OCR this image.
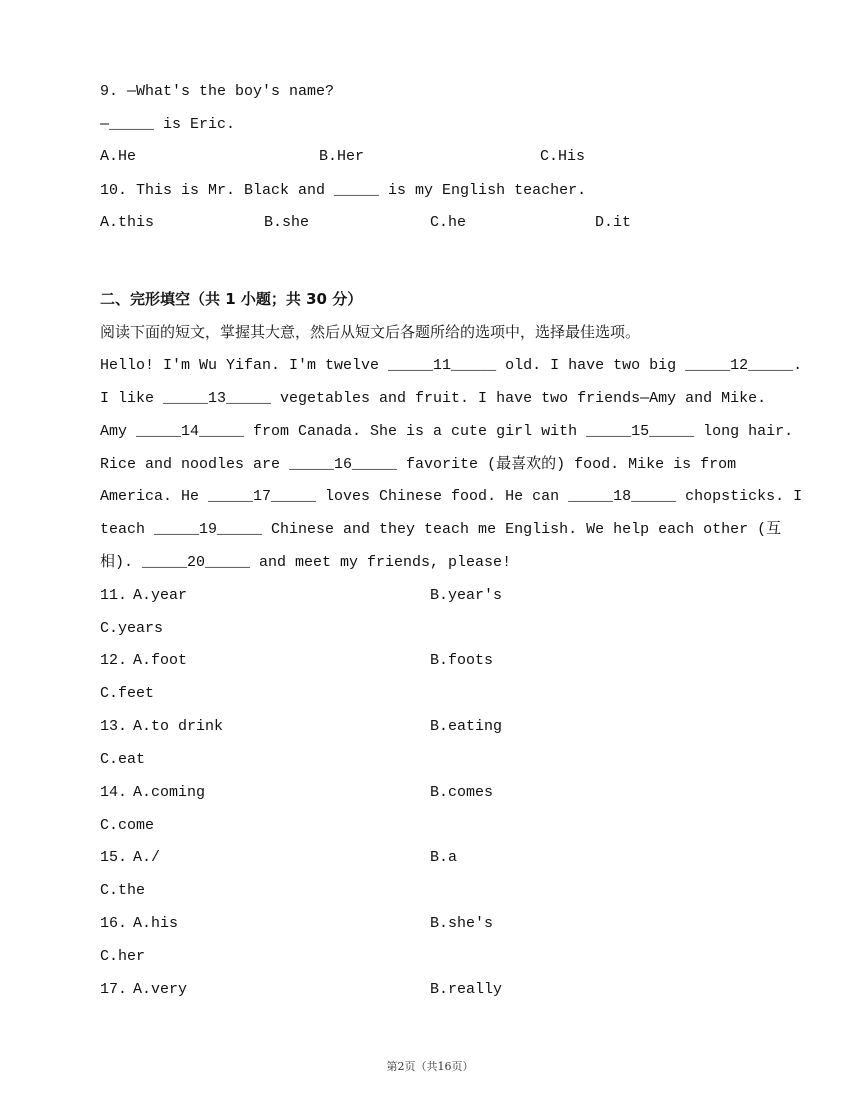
9. —What's the boy's name?
—_____ is Eric.
A.He	B.Her	C.His
10. This is Mr. Black and _____ is my English teacher.
A.this	B.she	C.he	D.it
二、完形填空（共 1 小题；共 30 分）
阅读下面的短文，掌握其大意，然后从短文后各题所给的选项中，选择最佳选项。
Hello! I'm Wu Yifan. I'm twelve _____11_____ old. I have two big _____12_____.
I like _____13_____ vegetables and fruit. I have two friends—Amy and Mike.
Amy _____14_____ from Canada. She is a cute girl with _____15_____ long hair.
Rice and noodles are _____16_____ favorite (最喜欢的) food. Mike is from
America. He _____17_____ loves Chinese food. He can _____18_____ chopsticks. I
teach _____19_____ Chinese and they teach me English. We help each other (互
相). _____20_____ and meet my friends, please!
11. A.year	B.year's
C.years
12. A.foot	B.foots
C.feet
13. A.to drink	B.eating
C.eat
14. A.coming	B.comes
C.come
15. A./	B.a
C.the
16. A.his	B.she's
C.her
17. A.very	B.really
第2页（共16页）
